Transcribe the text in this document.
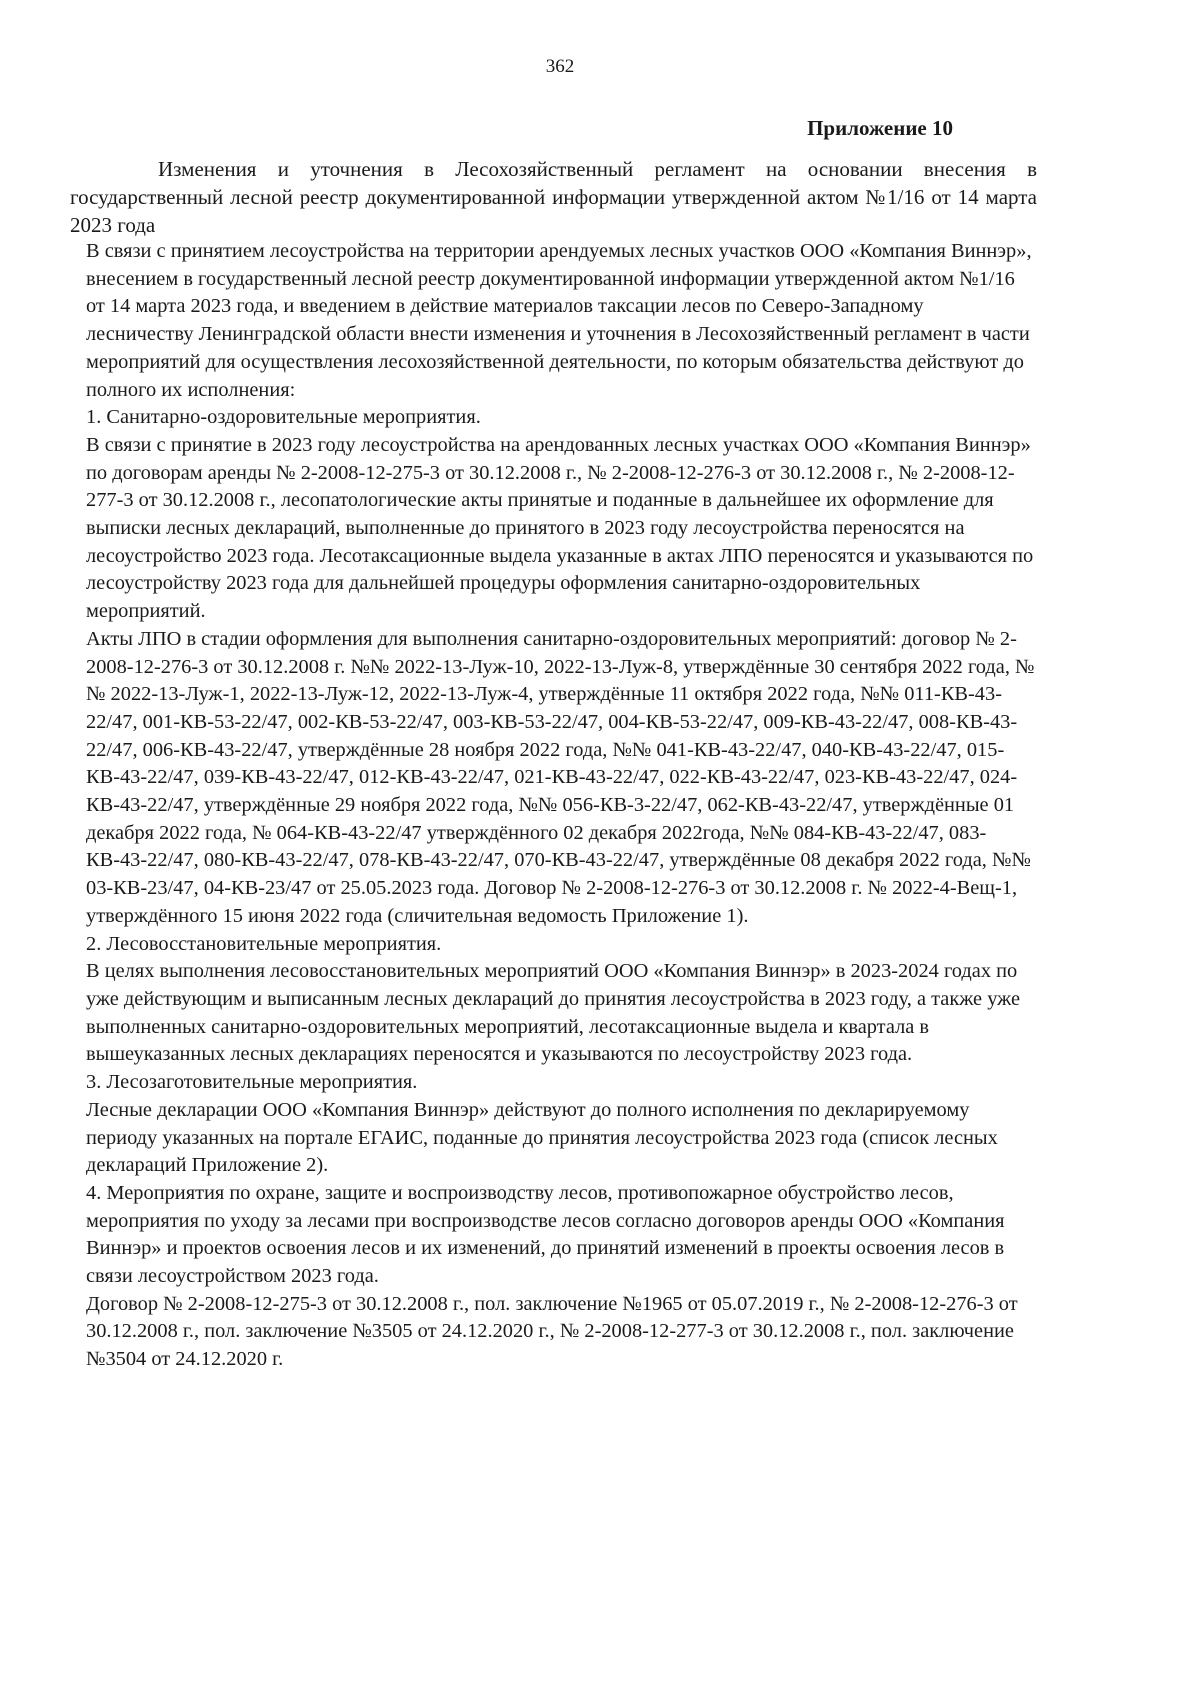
362
Приложение 10

Изменения и уточнения в Лесохозяйственный регламент на основании внесения в государственный лесной реестр документированной информации утвержденной актом №1/16 от 14 марта 2023 года

В связи с принятием лесоустройства на территории арендуемых лесных участков ООО «Компания Виннэр», внесением в государственный лесной реестр документированной информации утвержденной актом №1/16 от 14 марта 2023 года, и введением в действие материалов таксации лесов по Северо-Западному лесничеству Ленинградской области внести изменения и уточнения в Лесохозяйственный регламент в части мероприятий для осуществления лесохозяйственной деятельности, по которым обязательства действуют до полного их исполнения:

1. Санитарно-оздоровительные мероприятия.

В связи с принятие в 2023 году лесоустройства на арендованных лесных участках ООО «Компания Виннэр» по договорам аренды № 2-2008-12-275-3 от 30.12.2008 г., № 2-2008-12-276-3 от 30.12.2008 г., № 2-2008-12-277-3 от 30.12.2008 г., лесопатологические акты принятые и поданные в дальнейшее их оформление для выписки лесных деклараций, выполненные до принятого в 2023 году лесоустройства переносятся на лесоустройство 2023 года. Лесотаксационные выдела указанные в актах ЛПО переносятся и указываются по лесоустройству 2023 года для дальнейшей процедуры оформления санитарно-оздоровительных мероприятий.

Акты ЛПО в стадии оформления для выполнения санитарно-оздоровительных мероприятий: договор № 2-2008-12-276-3 от 30.12.2008 г. №№ 2022-13-Луж-10, 2022-13-Луж-8, утверждённые 30 сентября 2022 года, №№ 2022-13-Луж-1, 2022-13-Луж-12, 2022-13-Луж-4, утверждённые 11 октября 2022 года, №№ 011-КВ-43-22/47, 001-КВ-53-22/47, 002-КВ-53-22/47, 003-КВ-53-22/47, 004-КВ-53-22/47, 009-КВ-43-22/47, 008-КВ-43-22/47, 006-КВ-43-22/47, утверждённые 28 ноября 2022 года, №№ 041-КВ-43-22/47, 040-КВ-43-22/47, 015-КВ-43-22/47, 039-КВ-43-22/47, 012-КВ-43-22/47, 021-КВ-43-22/47, 022-КВ-43-22/47, 023-КВ-43-22/47, 024-КВ-43-22/47, утверждённые 29 ноября 2022 года, №№ 056-КВ-3-22/47, 062-КВ-43-22/47, утверждённые 01 декабря 2022 года, № 064-КВ-43-22/47 утверждённого 02 декабря 2022года, №№ 084-КВ-43-22/47, 083-КВ-43-22/47, 080-КВ-43-22/47, 078-КВ-43-22/47, 070-КВ-43-22/47, утверждённые 08 декабря 2022 года, №№ 03-КВ-23/47, 04-КВ-23/47 от 25.05.2023 года. Договор № 2-2008-12-276-3 от 30.12.2008 г. № 2022-4-Вещ-1, утверждённого 15 июня 2022 года (сличительная ведомость Приложение 1).

2. Лесовосстановительные мероприятия.

В целях выполнения лесовосстановительных мероприятий ООО «Компания Виннэр» в 2023-2024 годах по уже действующим и выписанным лесных деклараций до принятия лесоустройства в 2023 году, а также уже выполненных санитарно-оздоровительных мероприятий, лесотаксационные выдела и квартала в вышеуказанных лесных декларациях переносятся и указываются по лесоустройству 2023 года.

3. Лесозаготовительные мероприятия.

Лесные декларации ООО «Компания Виннэр» действуют до полного исполнения по декларируемому периоду указанных на портале ЕГАИС, поданные до принятия лесоустройства 2023 года (список лесных деклараций Приложение 2).

4. Мероприятия по охране, защите и воспроизводству лесов, противопожарное обустройство лесов, мероприятия по уходу за лесами при воспроизводстве лесов согласно договоров аренды ООО «Компания Виннэр» и проектов освоения лесов и их изменений, до принятий изменений в проекты освоения лесов в связи лесоустройством 2023 года.

Договор № 2-2008-12-275-3 от 30.12.2008 г., пол. заключение №1965 от 05.07.2019 г., № 2-2008-12-276-3 от 30.12.2008 г., пол. заключение №3505 от 24.12.2020 г., № 2-2008-12-277-3 от 30.12.2008 г., пол. заключение №3504 от 24.12.2020 г.
